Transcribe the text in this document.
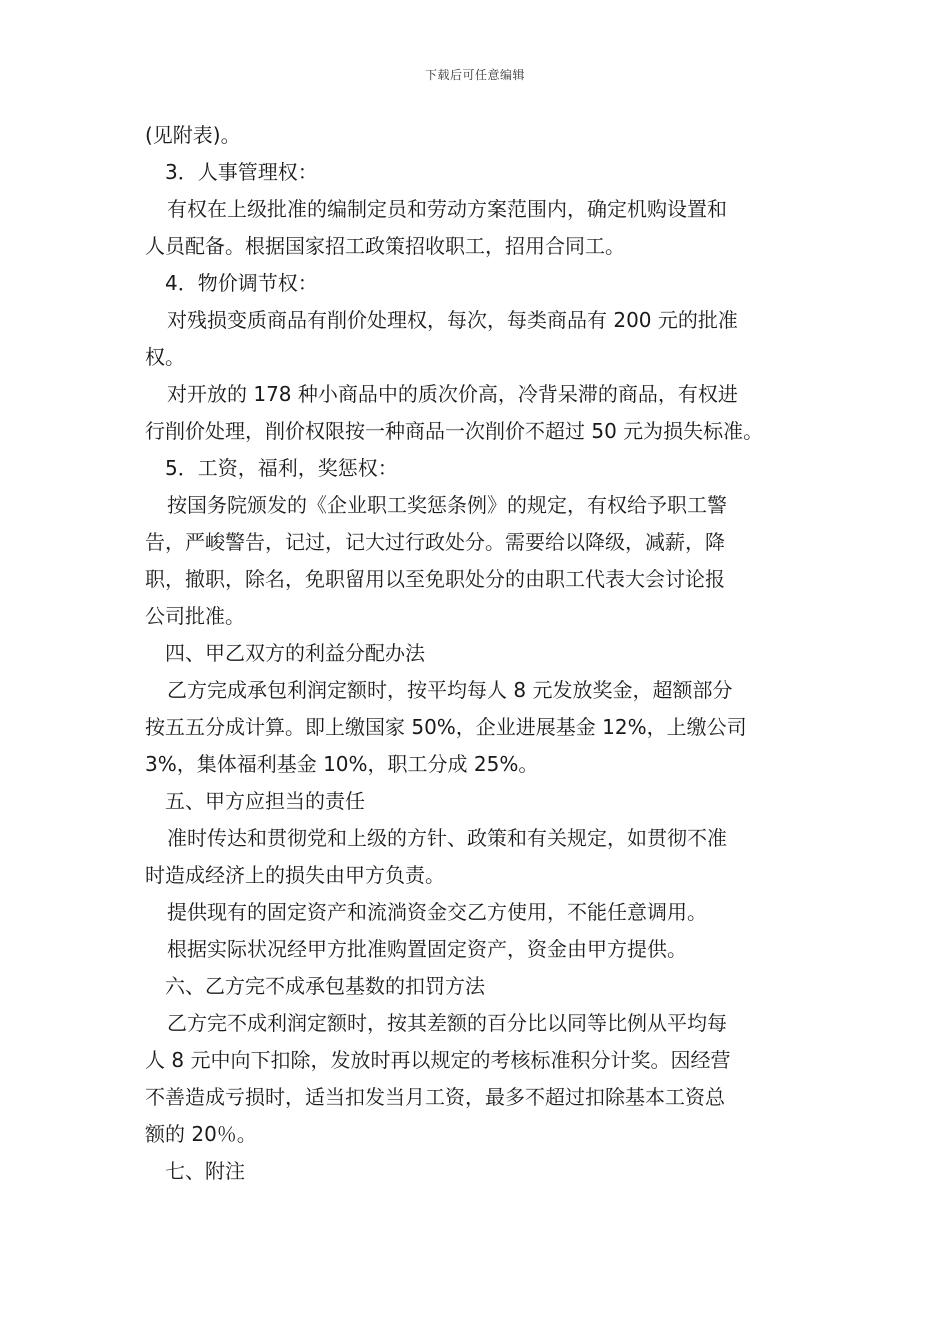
下载后可任意编辑

(见附表)。

3．人事管理权：

有权在上级批准的编制定员和劳动方案范围内，确定机购设置和

人员配备。根据国家招工政策招收职工，招用合同工。

4．物价调节权：

对残损变质商品有削价处理权，每次，每类商品有 200 元的批准

权。

对开放的 178 种小商品中的质次价高，冷背呆滞的商品，有权进

行削价处理，削价权限按一种商品一次削价不超过 50 元为损失标准。

5．工资，福利，奖惩权：

按国务院颁发的《企业职工奖惩条例》的规定，有权给予职工警

告，严峻警告，记过，记大过行政处分。需要给以降级，减薪，降

职，撤职，除名，免职留用以至免职处分的由职工代表大会讨论报

公司批准。

四、甲乙双方的利益分配办法

乙方完成承包利润定额时，按平均每人 8 元发放奖金，超额部分

按五五分成计算。即上缴国家 50%，企业进展基金 12%，上缴公司

3%，集体福利基金 10%，职工分成 25%。

五、甲方应担当的责任

准时传达和贯彻党和上级的方针、政策和有关规定，如贯彻不准

时造成经济上的损失由甲方负责。

提供现有的固定资产和流淌资金交乙方使用，不能任意调用。

根据实际状况经甲方批准购置固定资产，资金由甲方提供。

六、乙方完不成承包基数的扣罚方法

乙方完不成利润定额时，按其差额的百分比以同等比例从平均每

人 8 元中向下扣除，发放时再以规定的考核标准积分计奖。因经营

不善造成亏损时，适当扣发当月工资，最多不超过扣除基本工资总

额的 20％。

七、附注
